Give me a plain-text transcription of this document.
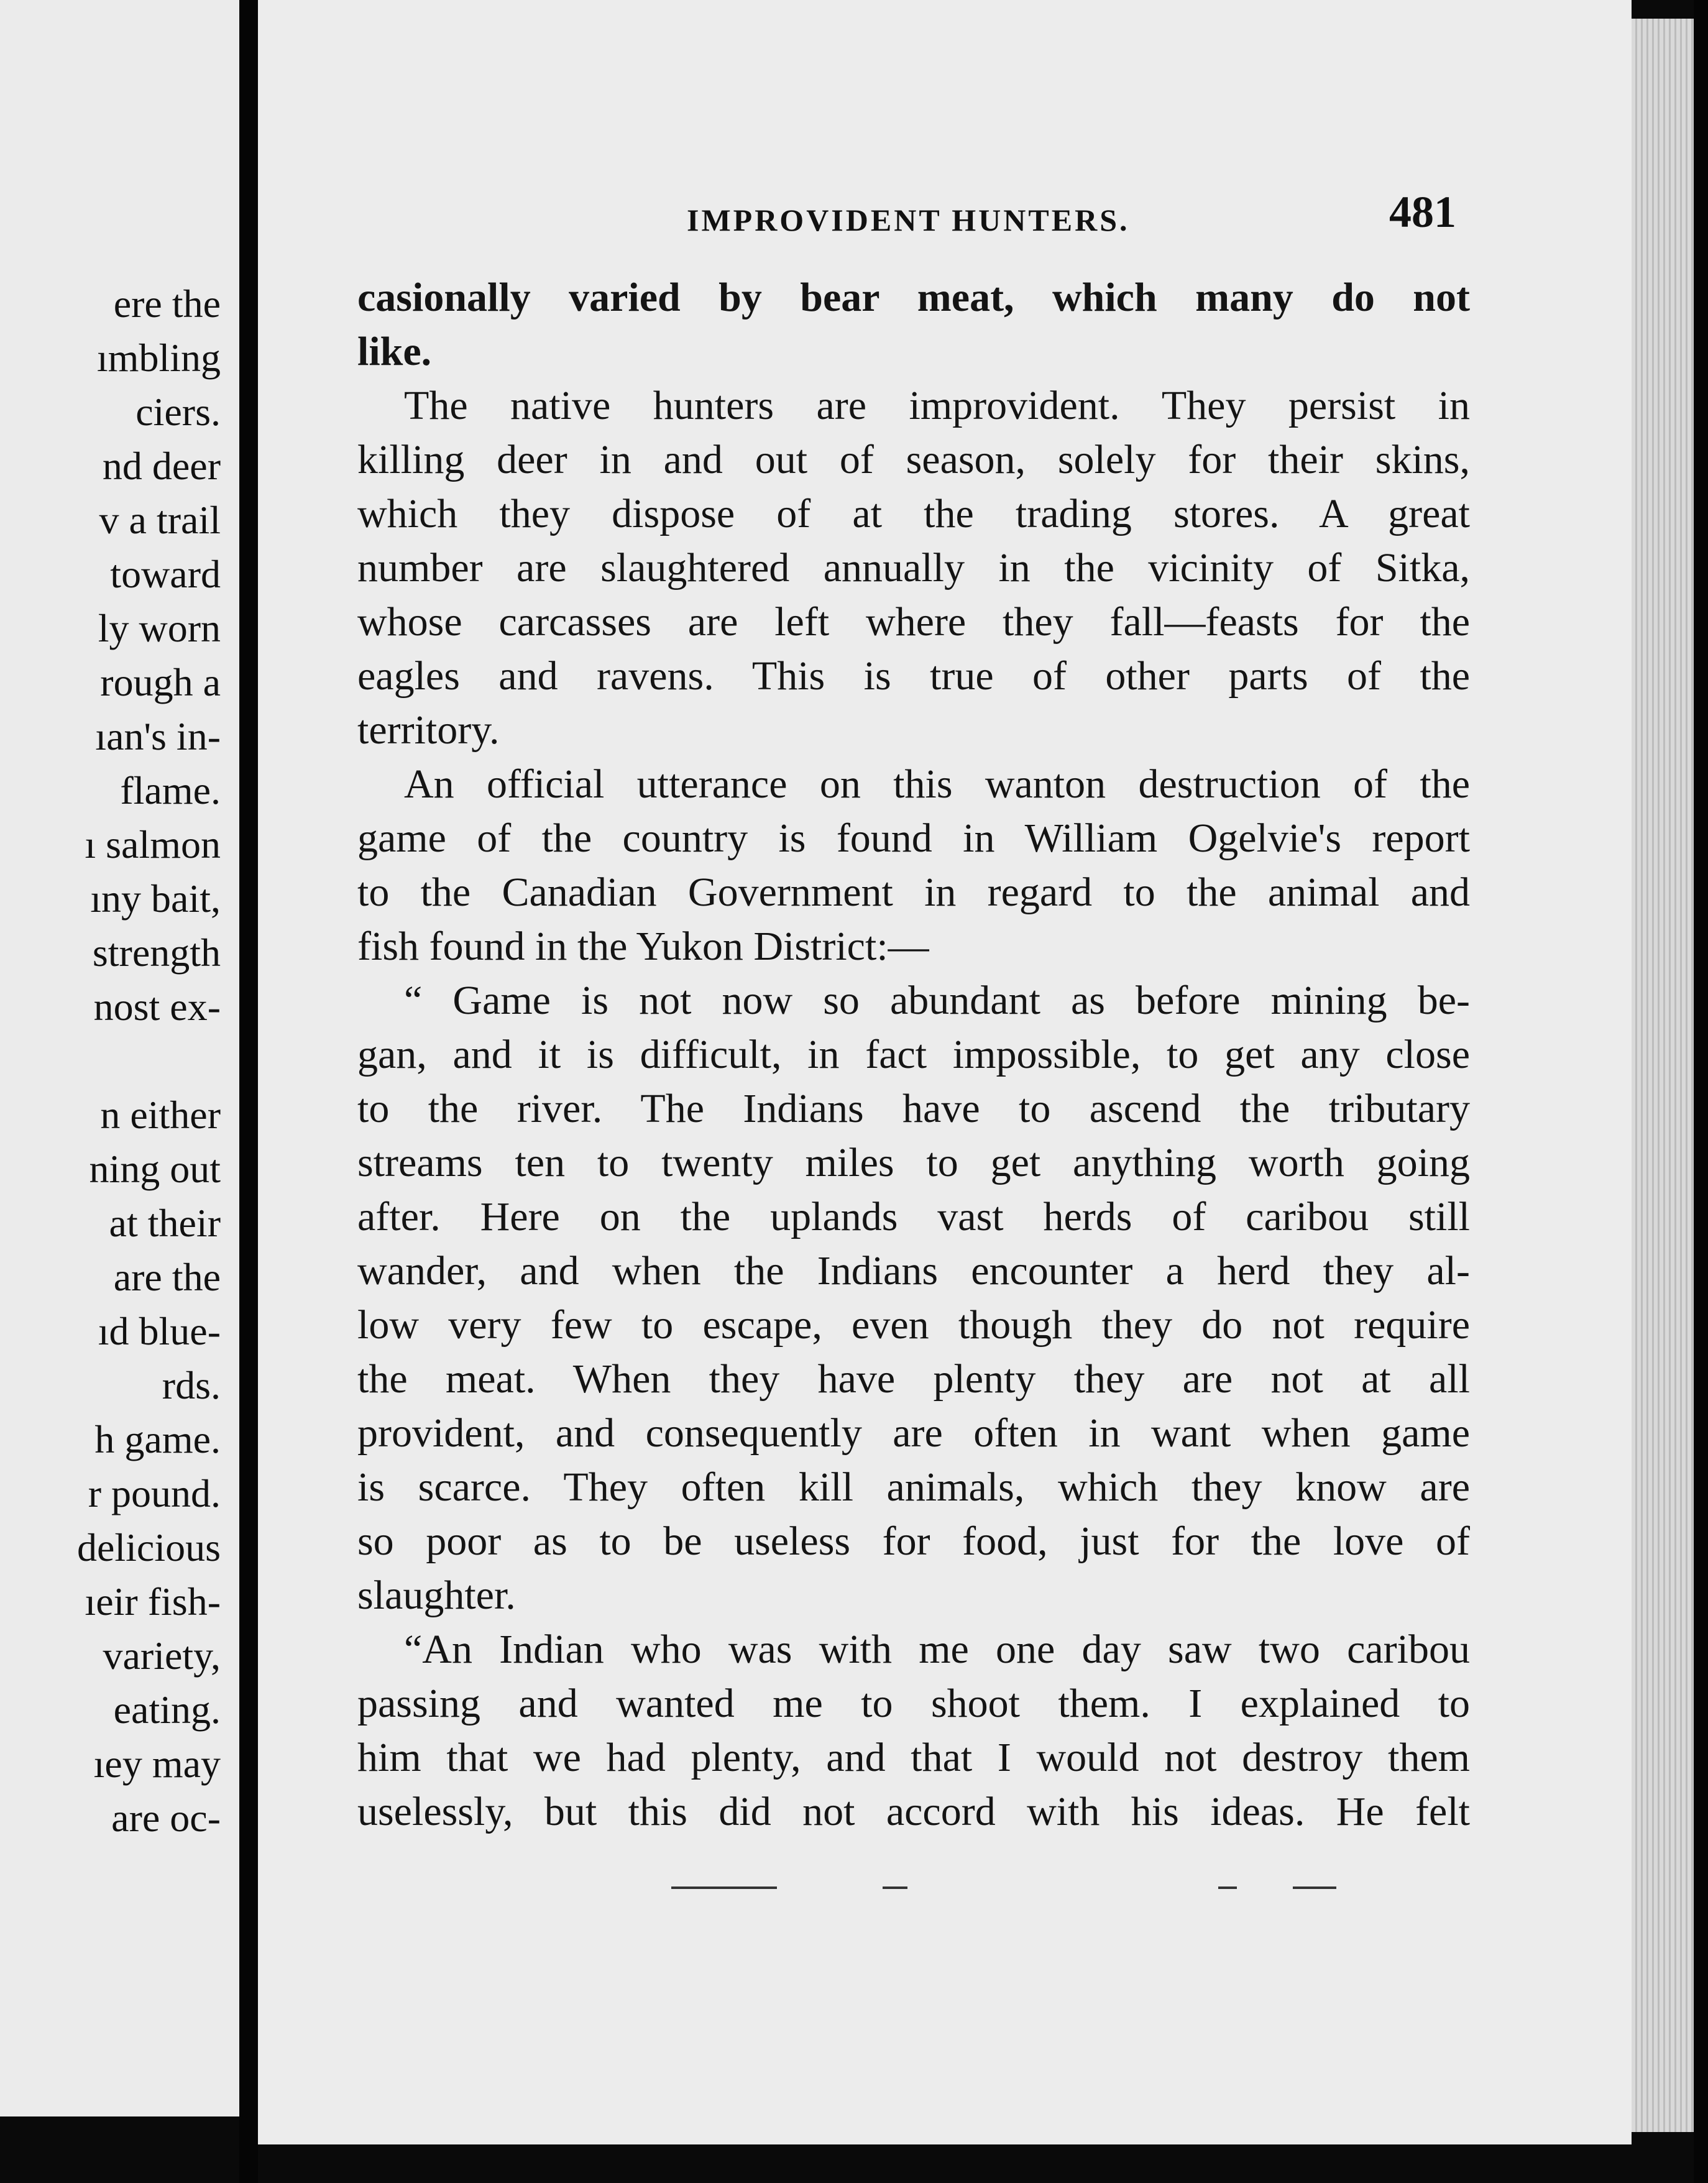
ere the
ımbling
ciers.
nd deer
v a trail
toward
ly worn
rough a
ıan's in-
flame.
ı salmon
ıny bait,
strength
nost ex-
n either
ning out
at their
are the
ıd blue-
rds.
h game.
r pound.
delicious
ıeir fish-
variety,
eating.
ıey may
are oc-
IMPROVIDENT HUNTERS.	481
casionally varied by bear meat, which many do not
like.
The native hunters are improvident. They persist in
killing deer in and out of season, solely for their skins,
which they dispose of at the trading stores. A great
number are slaughtered annually in the vicinity of Sitka,
whose carcasses are left where they fall—feasts for the
eagles and ravens. This is true of other parts of the
territory.
An official utterance on this wanton destruction of the
game of the country is found in William Ogelvie's report
to the Canadian Government in regard to the animal and
fish found in the Yukon District:—
“ Game is not now so abundant as before mining be-
gan, and it is difficult, in fact impossible, to get any close
to the river. The Indians have to ascend the tributary
streams ten to twenty miles to get anything worth going
after. Here on the uplands vast herds of caribou still
wander, and when the Indians encounter a herd they al-
low very few to escape, even though they do not require
the meat. When they have plenty they are not at all
provident, and consequently are often in want when game
is scarce. They often kill animals, which they know are
so poor as to be useless for food, just for the love of
slaughter.
“An Indian who was with me one day saw two caribou
passing and wanted me to shoot them. I explained to
him that we had plenty, and that I would not destroy them
uselessly, but this did not accord with his ideas. He felt
